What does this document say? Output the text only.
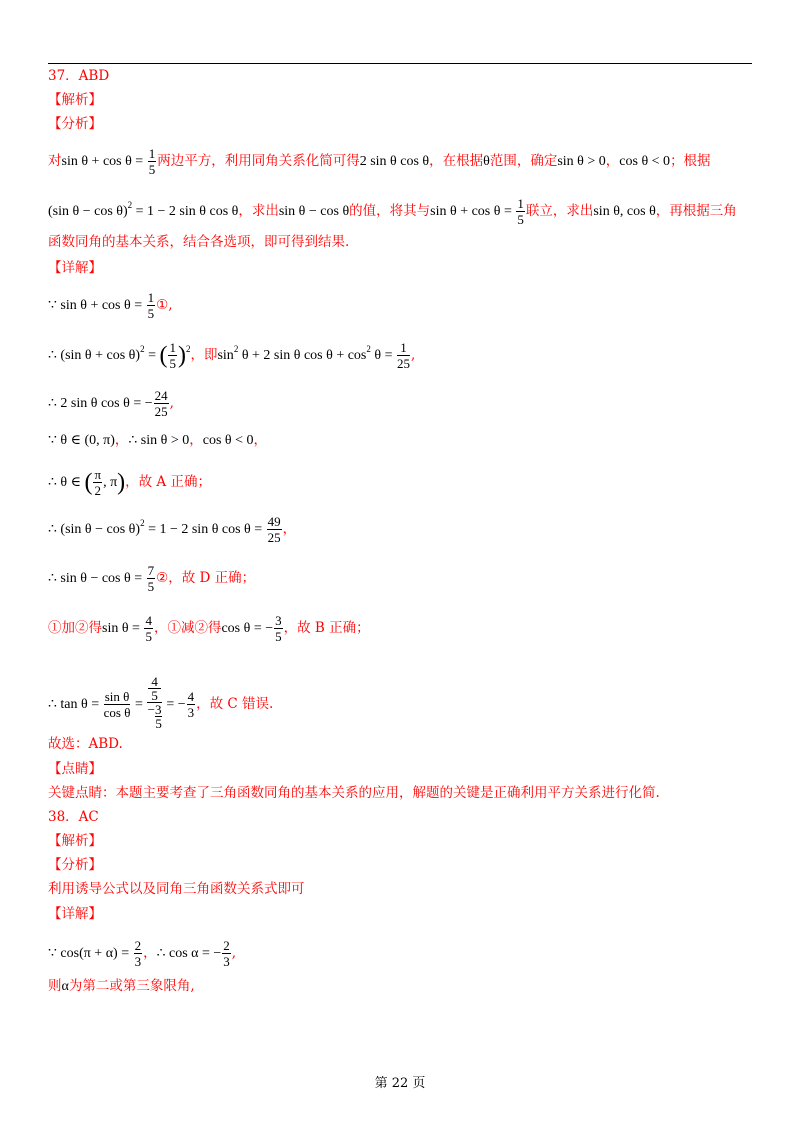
37．ABD
【解析】
【分析】
对$\sin \theta + \cos \theta = \frac{1}{5}$ 两边平方，利用同角关系化简可得2 sin θ cos θ，在根据θ范围，确定sin θ > 0，cos θ < 0；根据
(sin θ − cos θ)$^2$ = 1 − 2 sin θ cos θ，求出sin θ − cos θ的值，将其与$\sin \theta + \cos \theta = \frac{1}{5}$ 联立，求出sin θ, cos θ，再根据三角
函数同角的基本关系，结合各选项，即可得到结果.
【详解】
∵ $\sin \theta + \cos \theta = \frac{1}{5}$ ①,
∴ (sin θ + cos θ)$^2$ = ( $\frac{1}{5} )^2$，即$\sin^2 \theta + 2$ sin θ $\cos \theta + \cos^2 \theta = \frac{1}{25}$ ,
∴ 2 sin θ cos θ = − $\frac{24}{25}$ ,
∵ θ ∈ (0, π)，∴ sin θ > 0，cos θ < 0，
∴ θ ∈ ( $\frac{\pi}{2}$ , π)，故 A 正确；
∴ (sin θ − cos θ)$^2$ = 1 − 2 sin θ $\cos \theta = \frac{49}{25}$ ，
∴ $\sin \theta - \cos \theta = \frac{7}{5}$ ②，故 D 正确；
①加②得$\sin \theta = \frac{4}{5}$ ，①减②得cos θ = − $\frac{3}{5}$ ，故 B 正确；
∴ $\tan \theta = \frac{\text{sin θ}}{\text{cos θ}} = 4$
5
−3
5 = − $\frac{4}{3}$ ，故 C 错误.
故选：ABD.
【点睛】
关键点睛：本题主要考查了三角函数同角的基本关系的应用，解题的关键是正确利用平方关系进行化简.
38．AC
【解析】
【分析】
利用诱导公式以及同角三角函数关系式即可
【详解】
∵ $\cos(\pi + \alpha) = \frac{2}{3}$ ，∴ cos α = − $\frac{2}{3}$ ,
则α为第二或第三象限角,
第 22 页
